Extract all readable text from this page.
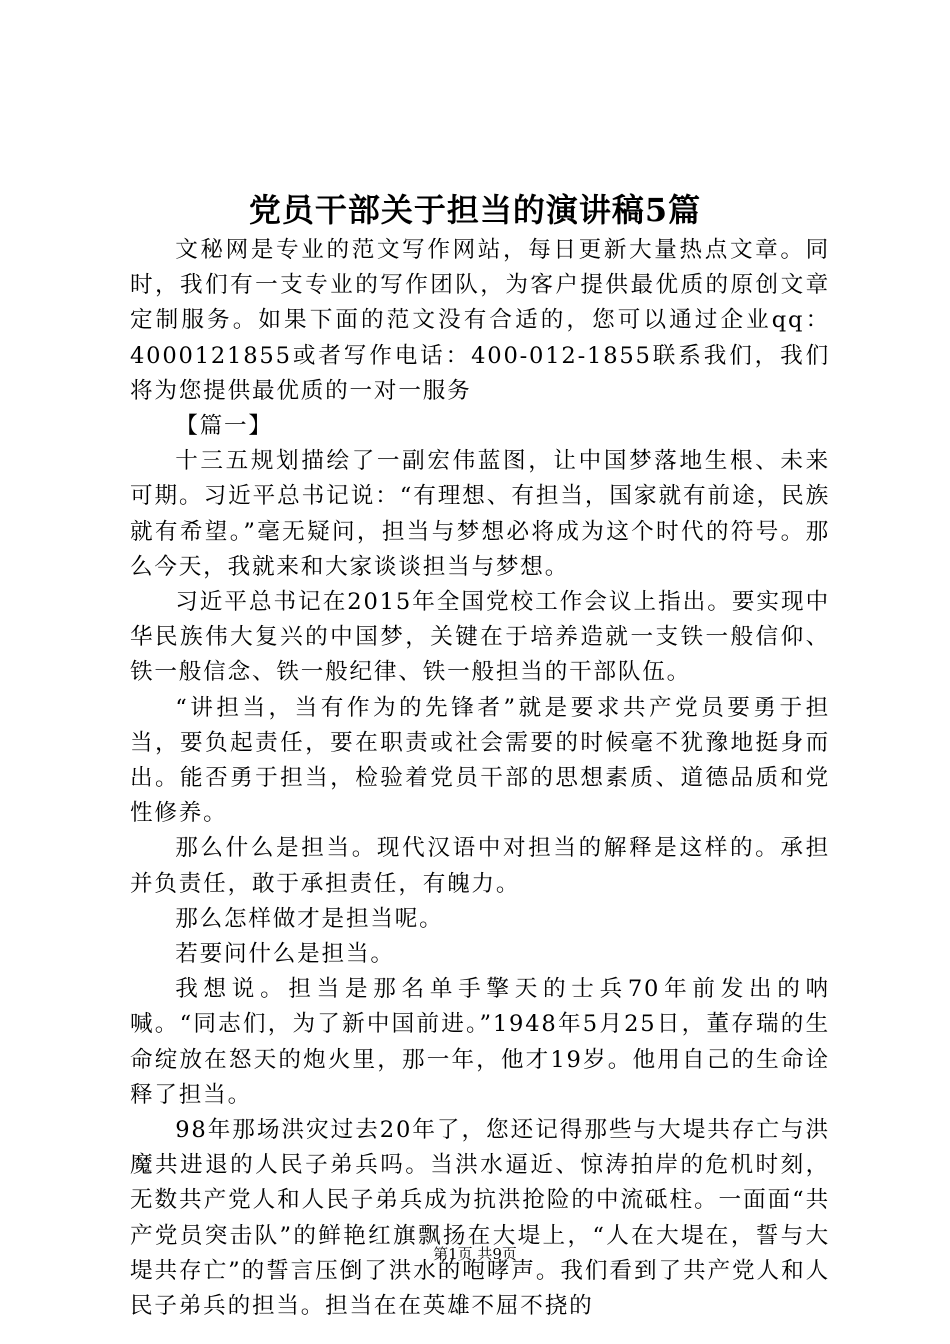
党员干部关于担当的演讲稿5篇

文秘网是专业的范文写作网站，每日更新大量热点文章。同时，我们有一支专业的写作团队，为客户提供最优质的原创文章定制服务。如果下面的范文没有合适的，您可以通过企业qq：4000121855或者写作电话：400-012-1855联系我们，我们将为您提供最优质的一对一服务

【篇一】

十三五规划描绘了一副宏伟蓝图，让中国梦落地生根、未来可期。习近平总书记说：“有理想、有担当，国家就有前途，民族就有希望。”毫无疑问，担当与梦想必将成为这个时代的符号。那么今天，我就来和大家谈谈担当与梦想。

习近平总书记在2015年全国党校工作会议上指出。要实现中华民族伟大复兴的中国梦，关键在于培养造就一支铁一般信仰、铁一般信念、铁一般纪律、铁一般担当的干部队伍。

“讲担当，当有作为的先锋者”就是要求共产党员要勇于担当，要负起责任，要在职责或社会需要的时候毫不犹豫地挺身而出。能否勇于担当，检验着党员干部的思想素质、道德品质和党性修养。

那么什么是担当。现代汉语中对担当的解释是这样的。承担并负责任，敢于承担责任，有魄力。

那么怎样做才是担当呢。

若要问什么是担当。

我想说。担当是那名单手擎天的士兵70年前发出的呐喊。“同志们，为了新中国前进。”1948年5月25日，董存瑞的生命绽放在怒天的炮火里，那一年，他才19岁。他用自己的生命诠释了担当。

98年那场洪灾过去20年了，您还记得那些与大堤共存亡与洪魔共进退的人民子弟兵吗。当洪水逼近、惊涛拍岸的危机时刻，无数共产党人和人民子弟兵成为抗洪抢险的中流砥柱。一面面“共产党员突击队”的鲜艳红旗飘扬在大堤上，“人在大堤在，誓与大堤共存亡”的誓言压倒了洪水的咆哮声。我们看到了共产党人和人民子弟兵的担当。担当在在英雄不屈不挠的

第1页 共9页
